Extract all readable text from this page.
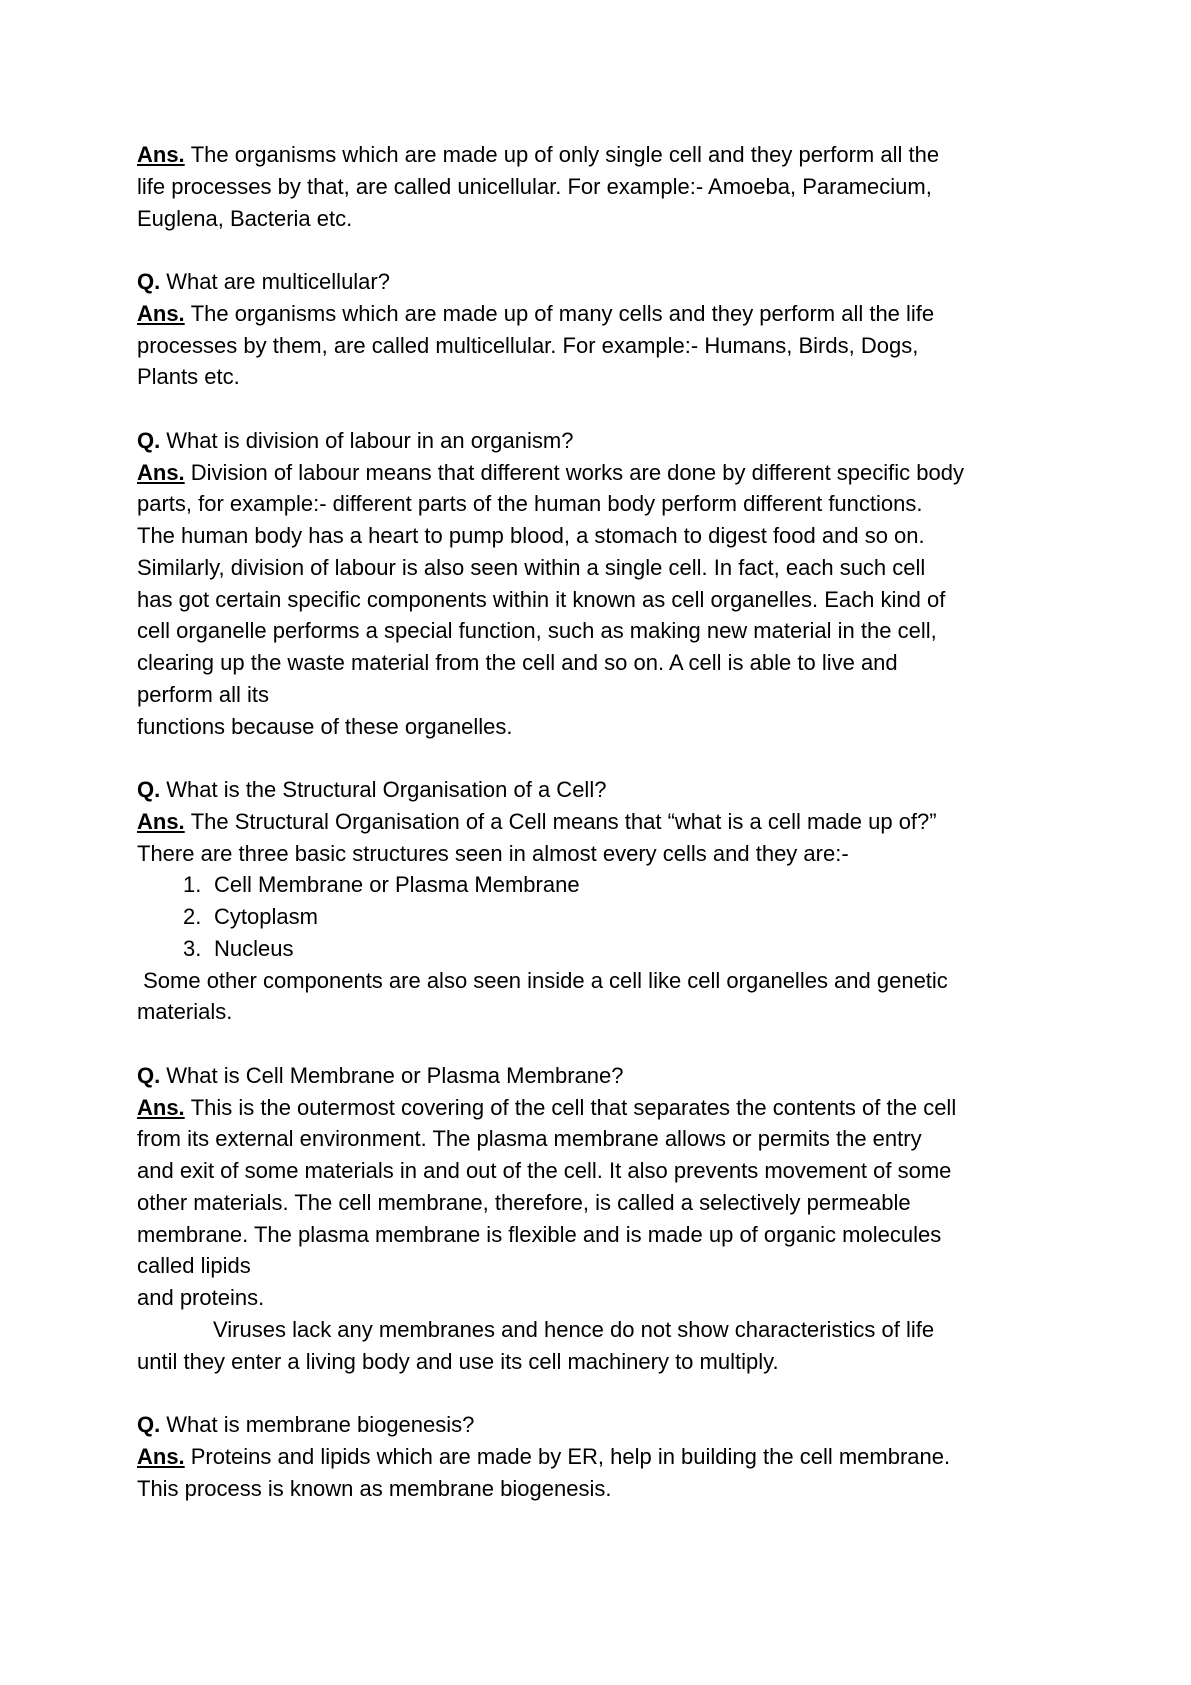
Ans. The organisms which are made up of only single cell and they perform all the
life processes by that, are called unicellular. For example:- Amoeba, Paramecium,
Euglena, Bacteria etc.
Q. What are multicellular?
Ans. The organisms which are made up of many cells and they perform all the life
processes by them, are called multicellular. For example:- Humans, Birds, Dogs,
Plants etc.
Q. What is division of labour in an organism?
Ans. Division of labour means that different works are done by different specific body
parts, for example:- different parts of the human body perform different functions.
The human body has a heart to pump blood, a stomach to digest food and so on.
Similarly, division of labour is also seen within a single cell. In fact, each such cell
has got certain specific components within it known as cell organelles. Each kind of
cell organelle performs a special function, such as making new material in the cell,
clearing up the waste material from the cell and so on. A cell is able to live and
perform all its
functions because of these organelles.
Q. What is the Structural Organisation of a Cell?
Ans. The Structural Organisation of a Cell means that “what is a cell made up of?”
There are three basic structures seen in almost every cells and they are:-
1. Cell Membrane or Plasma Membrane
2. Cytoplasm
3. Nucleus
Some other components are also seen inside a cell like cell organelles and genetic
materials.
Q. What is Cell Membrane or Plasma Membrane?
Ans. This is the outermost covering of the cell that separates the contents of the cell
from its external environment. The plasma membrane allows or permits the entry
and exit of some materials in and out of the cell. It also prevents movement of some
other materials. The cell membrane, therefore, is called a selectively permeable
membrane. The plasma membrane is flexible and is made up of organic molecules
called lipids
and proteins.
Viruses lack any membranes and hence do not show characteristics of life
until they enter a living body and use its cell machinery to multiply.
Q. What is membrane biogenesis?
Ans. Proteins and lipids which are made by ER, help in building the cell membrane.
This process is known as membrane biogenesis.
